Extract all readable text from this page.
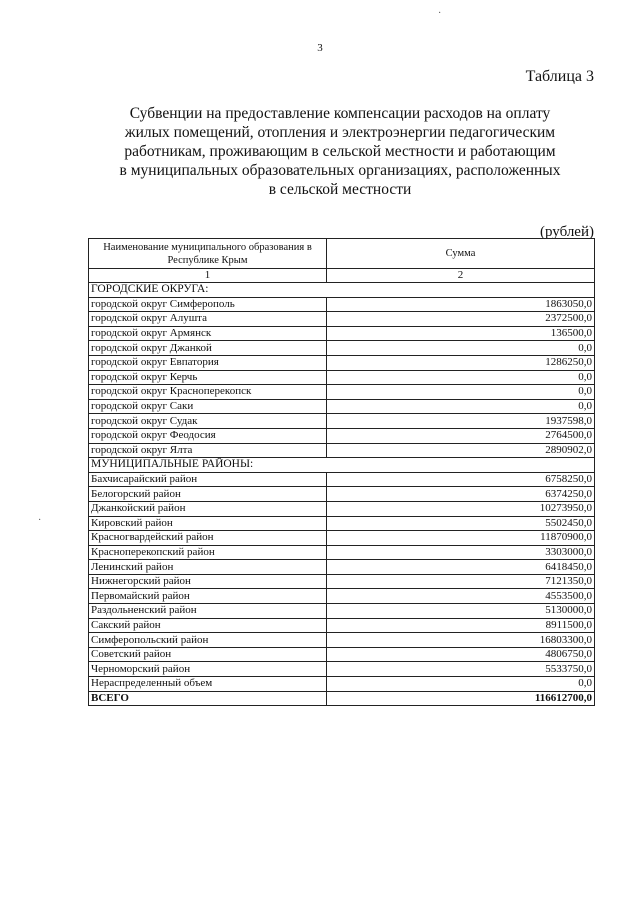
·
·
3
Таблица 3
Субвенции на предоставление компенсации расходов на оплату
жилых помещений, отопления и электроэнергии педагогическим
работникам, проживающим в сельской местности и работающим
в муниципальных образовательных организациях, расположенных
в сельской местности
(рублей)
Наименование муниципального образования в Республике Крым	Сумма
1	2
ГОРОДСКИЕ ОКРУГА:	
городской округ Симферополь	1863050,0
городской округ Алушта	2372500,0
городской округ Армянск	136500,0
городской округ Джанкой	0,0
городской округ Евпатория	1286250,0
городской округ Керчь	0,0
городской округ Красноперекопск	0,0
городской округ Саки	0,0
городской округ Судак	1937598,0
городской округ Феодосия	2764500,0
городской округ Ялта	2890902,0
МУНИЦИПАЛЬНЫЕ РАЙОНЫ:	
Бахчисарайский район	6758250,0
Белогорский район	6374250,0
Джанкойский район	10273950,0
Кировский район	5502450,0
Красногвардейский район	11870900,0
Красноперекопский район	3303000,0
Ленинский район	6418450,0
Нижнегорский район	7121350,0
Первомайский район	4553500,0
Раздольненский район	5130000,0
Сакский район	8911500,0
Симферопольский район	16803300,0
Советский район	4806750,0
Черноморский район	5533750,0
Нераспределенный объем	0,0
ВСЕГО	116612700,0
